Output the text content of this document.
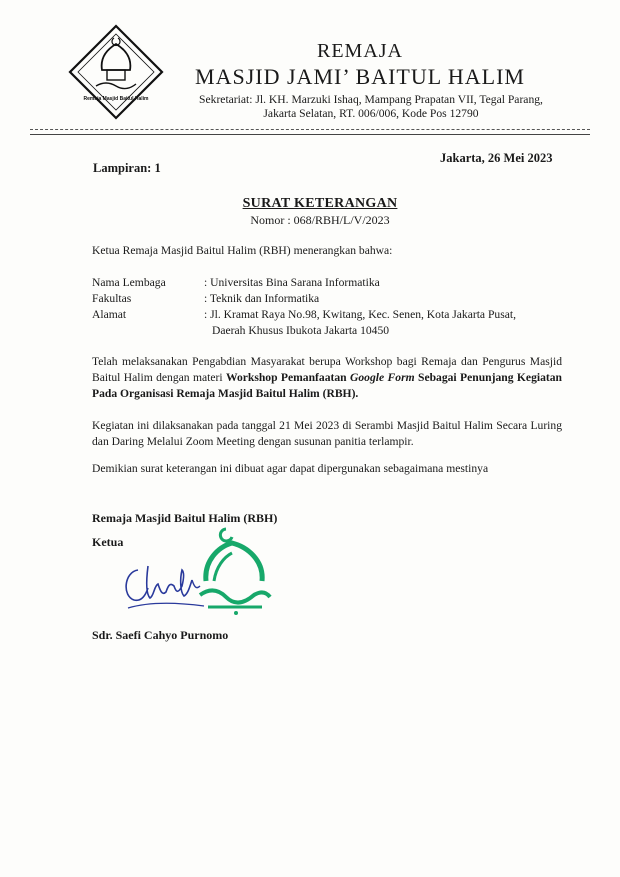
Remaja Masjid Baitul Halim
REMAJA
MASJID JAMI’ BAITUL HALIM
Sekretariat: Jl. KH. Marzuki Ishaq, Mampang Prapatan VII, Tegal Parang,
Jakarta Selatan, RT. 006/006, Kode Pos 12790
Jakarta, 26 Mei 2023
Lampiran: 1
SURAT KETERANGAN
Nomor : 068/RBH/L/V/2023
Ketua Remaja Masjid Baitul Halim (RBH) menerangkan bahwa:
Nama Lembaga	: Universitas Bina Sarana Informatika
Fakultas	: Teknik dan Informatika
Alamat	: Jl. Kramat Raya No.98, Kwitang, Kec. Senen, Kota Jakarta Pusat,
Daerah Khusus Ibukota Jakarta 10450
Telah melaksanakan Pengabdian Masyarakat berupa Workshop bagi Remaja dan Pengurus Masjid Baitul Halim dengan materi Workshop Pemanfaatan Google Form Sebagai Penunjang Kegiatan Pada Organisasi Remaja Masjid Baitul Halim (RBH).
Kegiatan ini dilaksanakan pada tanggal 21 Mei 2023 di Serambi Masjid Baitul Halim Secara Luring dan Daring Melalui Zoom Meeting dengan susunan panitia terlampir.
Demikian surat keterangan ini dibuat agar dapat dipergunakan sebagaimana mestinya
Remaja Masjid Baitul Halim (RBH)
Ketua
Sdr. Saefi Cahyo Purnomo
